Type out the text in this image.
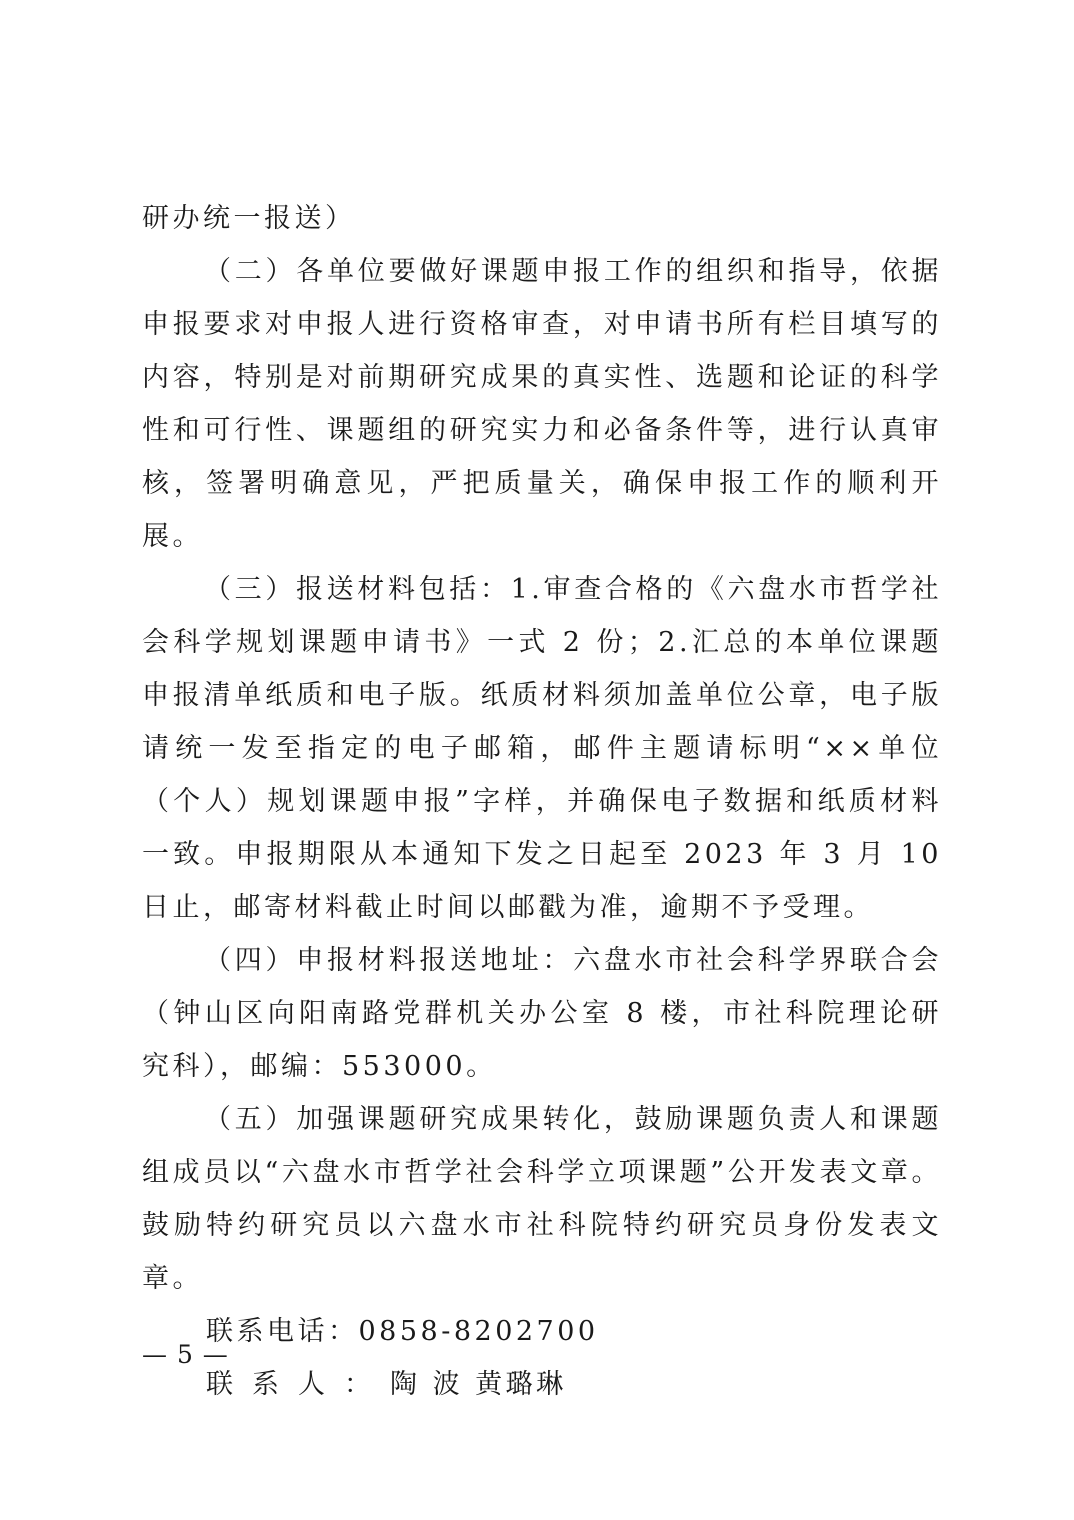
研办统一报送）

（二）各单位要做好课题申报工作的组织和指导，依据申报要求对申报人进行资格审查，对申请书所有栏目填写的内容，特别是对前期研究成果的真实性、选题和论证的科学性和可行性、课题组的研究实力和必备条件等，进行认真审核，签署明确意见，严把质量关，确保申报工作的顺利开展。

（三）报送材料包括：1.审查合格的《六盘水市哲学社会科学规划课题申请书》一式 2 份；2.汇总的本单位课题申报清单纸质和电子版。纸质材料须加盖单位公章，电子版请统一发至指定的电子邮箱，邮件主题请标明“××单位（个人）规划课题申报”字样，并确保电子数据和纸质材料一致。申报期限从本通知下发之日起至 2023 年 3 月 10 日止，邮寄材料截止时间以邮戳为准，逾期不予受理。

（四）申报材料报送地址：六盘水市社会科学界联合会（钟山区向阳南路党群机关办公室 8 楼，市社科院理论研究科），邮编：553000。

（五）加强课题研究成果转化，鼓励课题负责人和课题组成员以“六盘水市哲学社会科学立项课题”公开发表文章。鼓励特约研究员以六盘水市社科院特约研究员身份发表文章。

联系电话：0858-8202700

联系人：陶 波 黄璐琳

— 5 —
